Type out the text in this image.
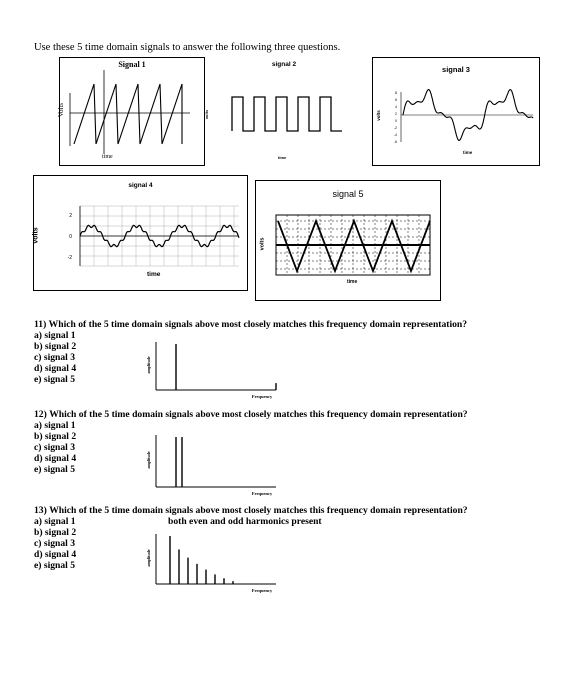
Use these 5 time domain signals to answer the following three questions.
Signal 1
Volts
time
signal 2
volts
time
signal 3
8
6
4
2
0
-2
-4
-6
volts
time
signal 4
2
0
-2
volts
time
signal 5
volts
time
11) Which of the 5 time domain signals above most closely matches this frequency domain representation?
a) signal 1
b) signal 2
c) signal 3
d) signal 4
e) signal 5
amplitude
Frequency
12) Which of the 5 time domain signals above most closely matches this frequency domain representation?
a) signal 1
b) signal 2
c) signal 3
d) signal 4
e) signal 5
amplitude
Frequency
13) Which of the 5 time domain signals above most closely matches this frequency domain representation?
a) signal 1
b) signal 2
c) signal 3
d) signal 4
e) signal 5
both even and odd harmonics present
amplitude
Frequency
